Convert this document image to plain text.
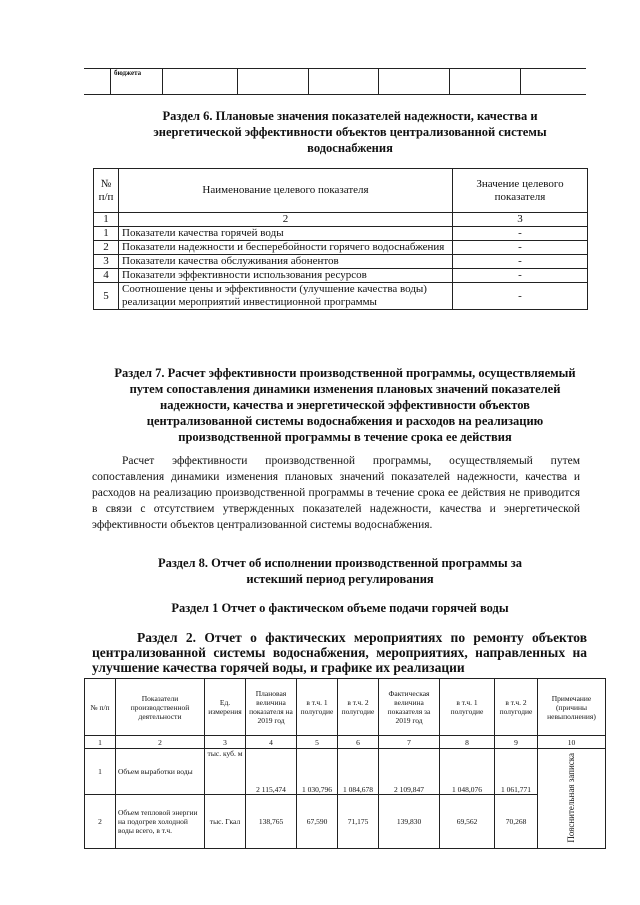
	бюджета						
Раздел 6. Плановые значения показателей надежности, качества и энергетической эффективности объектов централизованной системы водоснабжения
№ п/п	Наименование целевого показателя	Значение целевого показателя
1	2	3
1	Показатели качества горячей воды	-
2	Показатели надежности и бесперебойности горячего водоснабжения	-
3	Показатели качества обслуживания абонентов	-
4	Показатели эффективности использования ресурсов	-
5	Соотношение цены и эффективности (улучшение качества воды) реализации мероприятий инвестиционной программы	-
Раздел 7. Расчет эффективности производственной программы, осуществляемый путем сопоставления динамики изменения плановых значений показателей надежности, качества и энергетической эффективности объектов централизованной системы водоснабжения и расходов на реализацию производственной программы в течение срока ее действия
Расчет эффективности производственной программы, осуществляемый путем сопоставления динамики изменения плановых значений показателей надежности, качества и расходов на реализацию производственной программы в течение срока ее действия не приводится в связи с отсутствием утвержденных показателей надежности, качества и энергетической эффективности объектов централизованной системы водоснабжения.
Раздел 8. Отчет об исполнении производственной программы за истекший период регулирования
Раздел 1 Отчет о фактическом объеме подачи горячей воды
Раздел 2. Отчет о фактических мероприятиях по ремонту объектов централизованной системы водоснабжения, мероприятиях, направленных на улучшение качества горячей воды, и графике их реализации
№ п/п	Показатели производственной деятельности	Ед. измерения	Плановая величина показателя на 2019 год	в т.ч. 1 полугодие	в т.ч. 2 полугодие	Фактическая величина показателя за 2019 год	в т.ч. 1 полугодие	в т.ч. 2 полугодие	Примечание (причины невыполнения)
1	2	3	4	5	6	7	8	9	10
1	Объем выработки воды	тыс. куб. м	2 115,474	1 030,796	1 084,678	2 109,847	1 048,076	1 061,771	Пояснительная записка
2	Объем тепловой энергии на подогрев холодной воды всего, в т.ч.	тыс. Гкал	138,765	67,590	71,175	139,830	69,562	70,268	
